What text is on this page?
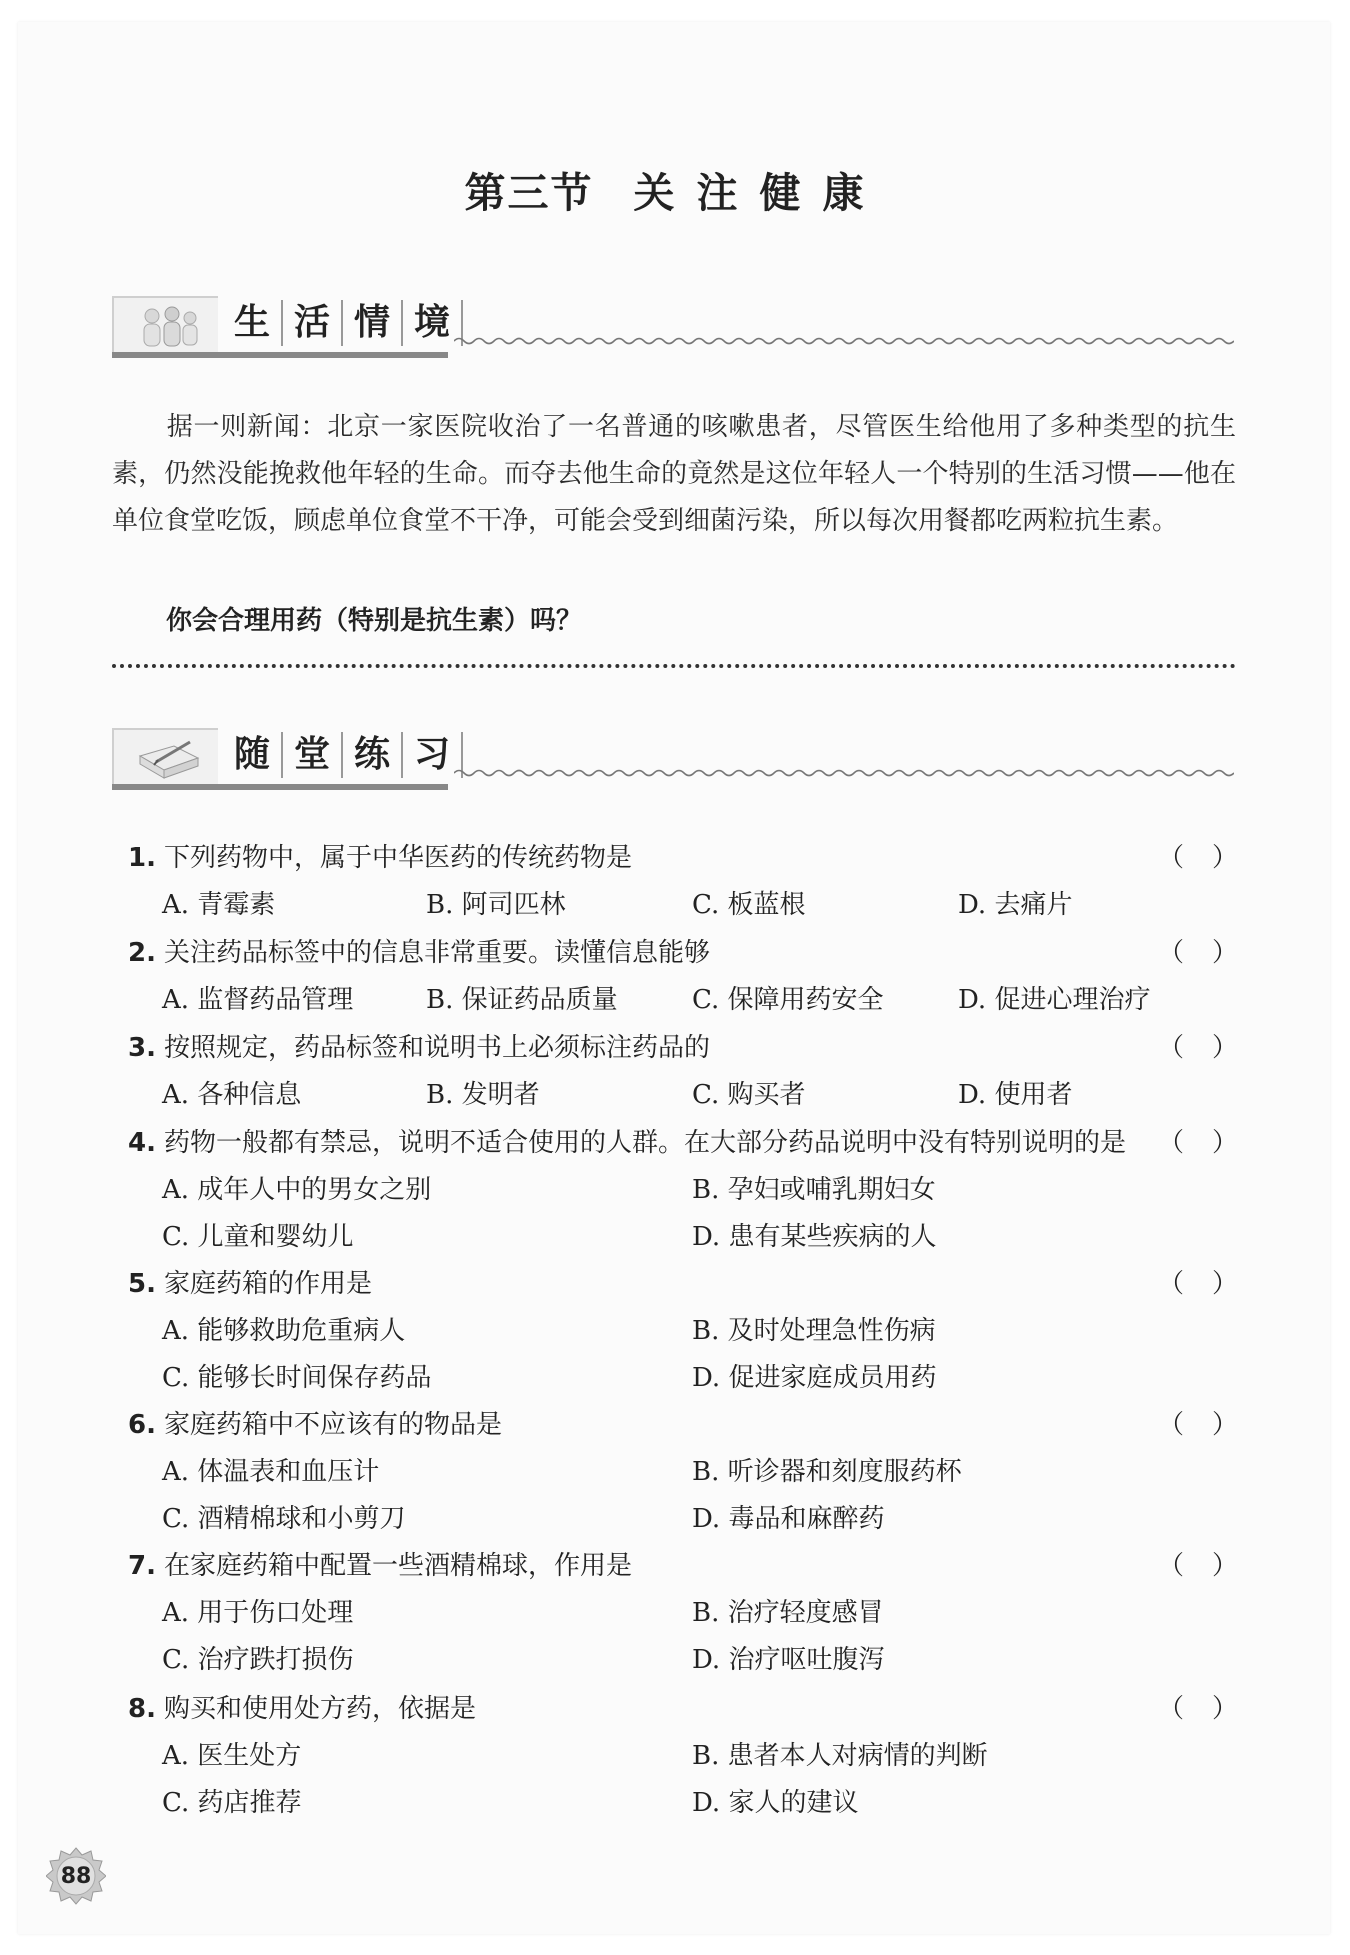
第三节 关注健康
生 活 情 境
据一则新闻：北京一家医院收治了一名普通的咳嗽患者，尽管医生给他用了多种类型的抗生素，仍然没能挽救他年轻的生命。而夺去他生命的竟然是这位年轻人一个特别的生活习惯——他在单位食堂吃饭，顾虑单位食堂不干净，可能会受到细菌污染，所以每次用餐都吃两粒抗生素。
你会合理用药（特别是抗生素）吗？
随 堂 练 习
1. 下列药物中，属于中华医药的传统药物是	（ ）
A. 青霉素	B. 阿司匹林	C. 板蓝根	D. 去痛片
2. 关注药品标签中的信息非常重要。读懂信息能够	（ ）
A. 监督药品管理	B. 保证药品质量	C. 保障用药安全	D. 促进心理治疗
3. 按照规定，药品标签和说明书上必须标注药品的	（ ）
A. 各种信息	B. 发明者	C. 购买者	D. 使用者
4. 药物一般都有禁忌，说明不适合使用的人群。在大部分药品说明中没有特别说明的是 （ ）
A. 成年人中的男女之别	B. 孕妇或哺乳期妇女
C. 儿童和婴幼儿	D. 患有某些疾病的人
5. 家庭药箱的作用是	（ ）
A. 能够救助危重病人	B. 及时处理急性伤病
C. 能够长时间保存药品	D. 促进家庭成员用药
6. 家庭药箱中不应该有的物品是	（ ）
A. 体温表和血压计	B. 听诊器和刻度服药杯
C. 酒精棉球和小剪刀	D. 毒品和麻醉药
7. 在家庭药箱中配置一些酒精棉球，作用是	（ ）
A. 用于伤口处理	B. 治疗轻度感冒
C. 治疗跌打损伤	D. 治疗呕吐腹泻
8. 购买和使用处方药，依据是	（ ）
A. 医生处方	B. 患者本人对病情的判断
C. 药店推荐	D. 家人的建议
88
